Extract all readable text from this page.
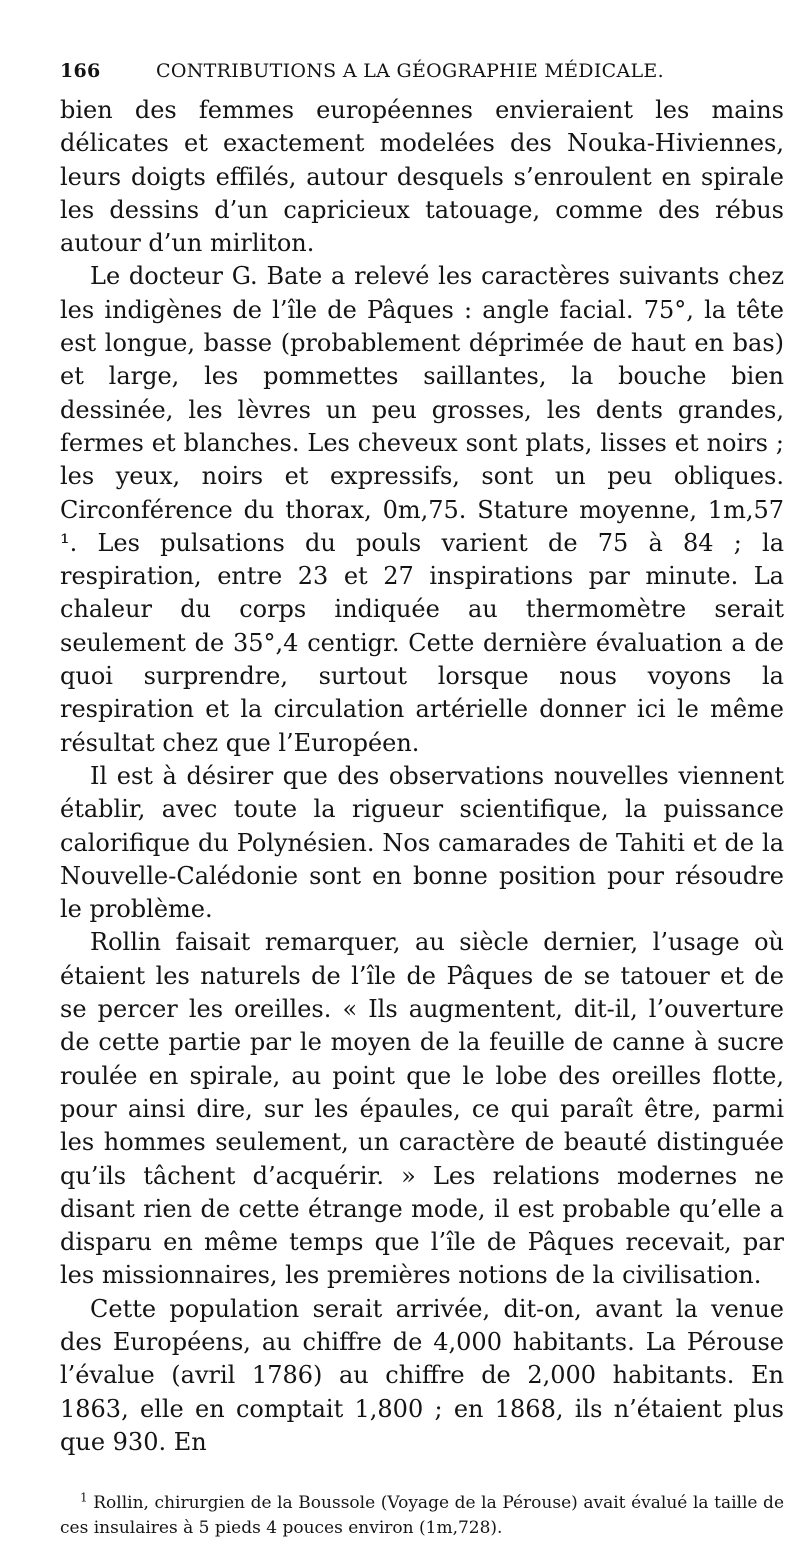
166	CONTRIBUTIONS A LA GÉOGRAPHIE MÉDICALE.

bien des femmes européennes envieraient les mains délicates et exactement modelées des Nouka-Hiviennes, leurs doigts effilés, autour desquels s’enroulent en spirale les dessins d’un capricieux tatouage, comme des rébus autour d’un mirliton.

Le docteur G. Bate a relevé les caractères suivants chez les indigènes de l’île de Pâques : angle facial. 75°, la tête est longue, basse (probablement déprimée de haut en bas) et large, les pommettes saillantes, la bouche bien dessinée, les lèvres un peu grosses, les dents grandes, fermes et blanches. Les cheveux sont plats, lisses et noirs ; les yeux, noirs et expressifs, sont un peu obliques. Circonférence du thorax, 0m,75. Stature moyenne, 1m,57 ¹. Les pulsations du pouls varient de 75 à 84 ; la respiration, entre 23 et 27 inspirations par minute. La chaleur du corps indiquée au thermomètre serait seulement de 35°,4 centigr. Cette dernière évaluation a de quoi surprendre, surtout lorsque nous voyons la respiration et la circulation artérielle donner ici le même résultat chez que l’Européen.

Il est à désirer que des observations nouvelles viennent établir, avec toute la rigueur scientifique, la puissance calorifique du Polynésien. Nos camarades de Tahiti et de la Nouvelle-Calédonie sont en bonne position pour résoudre le problème.

Rollin faisait remarquer, au siècle dernier, l’usage où étaient les naturels de l’île de Pâques de se tatouer et de se percer les oreilles. « Ils augmentent, dit-il, l’ouverture de cette partie par le moyen de la feuille de canne à sucre roulée en spirale, au point que le lobe des oreilles flotte, pour ainsi dire, sur les épaules, ce qui paraît être, parmi les hommes seulement, un caractère de beauté distinguée qu’ils tâchent d’acquérir. » Les relations modernes ne disant rien de cette étrange mode, il est probable qu’elle a disparu en même temps que l’île de Pâques recevait, par les missionnaires, les premières notions de la civilisation.

Cette population serait arrivée, dit-on, avant la venue des Européens, au chiffre de 4,000 habitants. La Pérouse l’évalue (avril 1786) au chiffre de 2,000 habitants. En 1863, elle en comptait 1,800 ; en 1868, ils n’étaient plus que 930. En

$^1$ Rollin, chirurgien de la Boussole (Voyage de la Pérouse) avait évalué la taille de ces insulaires à 5 pieds 4 pouces environ (1m,728).
